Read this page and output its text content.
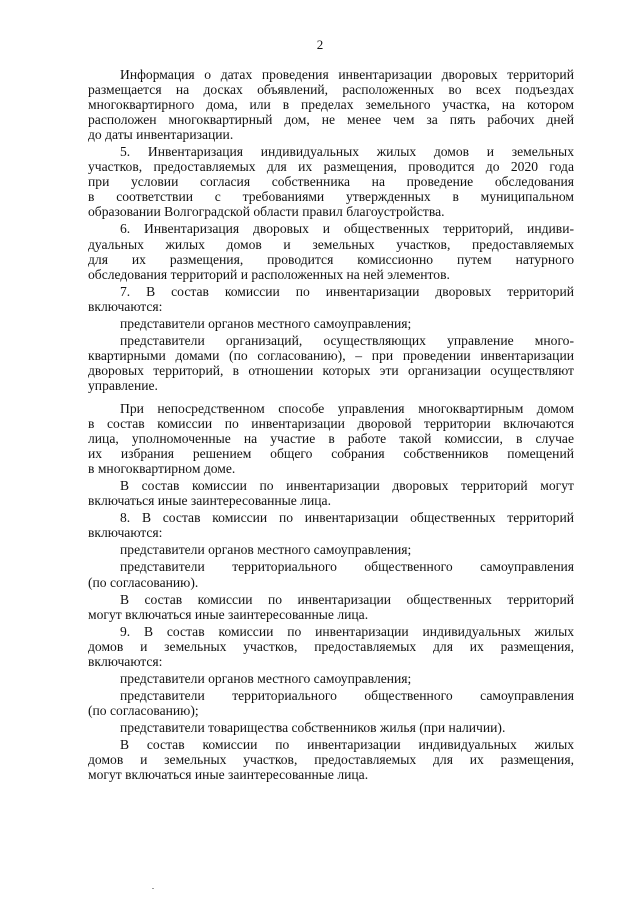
2
Информация о датах проведения инвентаризации дворовых территорий
размещается на досках объявлений, расположенных во всех подъездах
многоквартирного дома, или в пределах земельного участка, на котором
расположен многоквартирный дом, не менее чем за пять рабочих дней
до даты инвентаризации.
5. Инвентаризация индивидуальных жилых домов и земельных
участков, предоставляемых для их размещения, проводится до 2020 года
при условии согласия собственника на проведение обследования
в соответствии с требованиями утвержденных в муниципальном
образовании Волгоградской области правил благоустройства.
6. Инвентаризация дворовых и общественных территорий, индиви-
дуальных жилых домов и земельных участков, предоставляемых
для их размещения, проводится комиссионно путем натурного
обследования территорий и расположенных на ней элементов.
7. В состав комиссии по инвентаризации дворовых территорий
включаются:
представители органов местного самоуправления;
представители организаций, осуществляющих управление много-
квартирными домами (по согласованию), – при проведении инвентаризации
дворовых территорий, в отношении которых эти организации осуществляют
управление.
При непосредственном способе управления многоквартирным домом
в состав комиссии по инвентаризации дворовой территории включаются
лица, уполномоченные на участие в работе такой комиссии, в случае
их избрания решением общего собрания собственников помещений
в многоквартирном доме.
В состав комиссии по инвентаризации дворовых территорий могут
включаться иные заинтересованные лица.
8. В состав комиссии по инвентаризации общественных территорий
включаются:
представители органов местного самоуправления;
представители территориального общественного самоуправления
(по согласованию).
В состав комиссии по инвентаризации общественных территорий
могут включаться иные заинтересованные лица.
9. В состав комиссии по инвентаризации индивидуальных жилых
домов и земельных участков, предоставляемых для их размещения,
включаются:
представители органов местного самоуправления;
представители территориального общественного самоуправления
(по согласованию);
представители товарищества собственников жилья (при наличии).
В состав комиссии по инвентаризации индивидуальных жилых
домов и земельных участков, предоставляемых для их размещения,
могут включаться иные заинтересованные лица.
